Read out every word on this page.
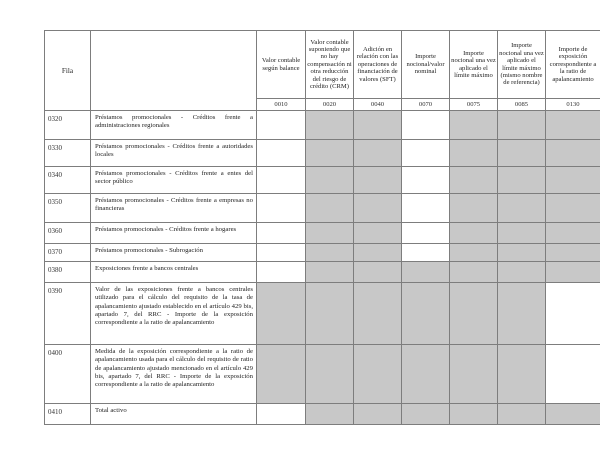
Fila		Valor contable según balance	Valor contable suponiendo que no hay compensación ni otra reducción del riesgo de crédito (CRM)	Adición en relación con las operaciones de financiación de valores (SFT)	Importe nocional/valor nominal	Importe nocional una vez aplicado el límite máximo	Importe nocional una vez aplicado el límite máximo (mismo nombre de referencia)	Importe de exposición correspondiente a la ratio de apalancamiento
		0010	0020	0040	0070	0075	0085	0130
0320	Préstamos promocionales - Créditos frente a administraciones regionales							
0330	Préstamos promocionales - Créditos frente a autoridades locales							
0340	Préstamos promocionales - Créditos frente a entes del sector público							
0350	Préstamos promocionales - Créditos frente a empresas no financieras							
0360	Préstamos promocionales - Créditos frente a hogares							
0370	Préstamos promocionales - Subrogación							
0380	Exposiciones frente a bancos centrales							
0390	Valor de las exposiciones frente a bancos centrales utilizado para el cálculo del requisito de la tasa de apalancamiento ajustado establecido en el artículo 429 bis, apartado 7, del RRC - Importe de la exposición correspondiente a la ratio de apalancamiento							
0400	Medida de la exposición correspondiente a la ratio de apalancamiento usada para el cálculo del requisito de ratio de apalancamiento ajustado mencionado en el artículo 429 bis, apartado 7, del RRC - Importe de la exposición correspondiente a la ratio de apalancamiento							
0410	Total activo							
